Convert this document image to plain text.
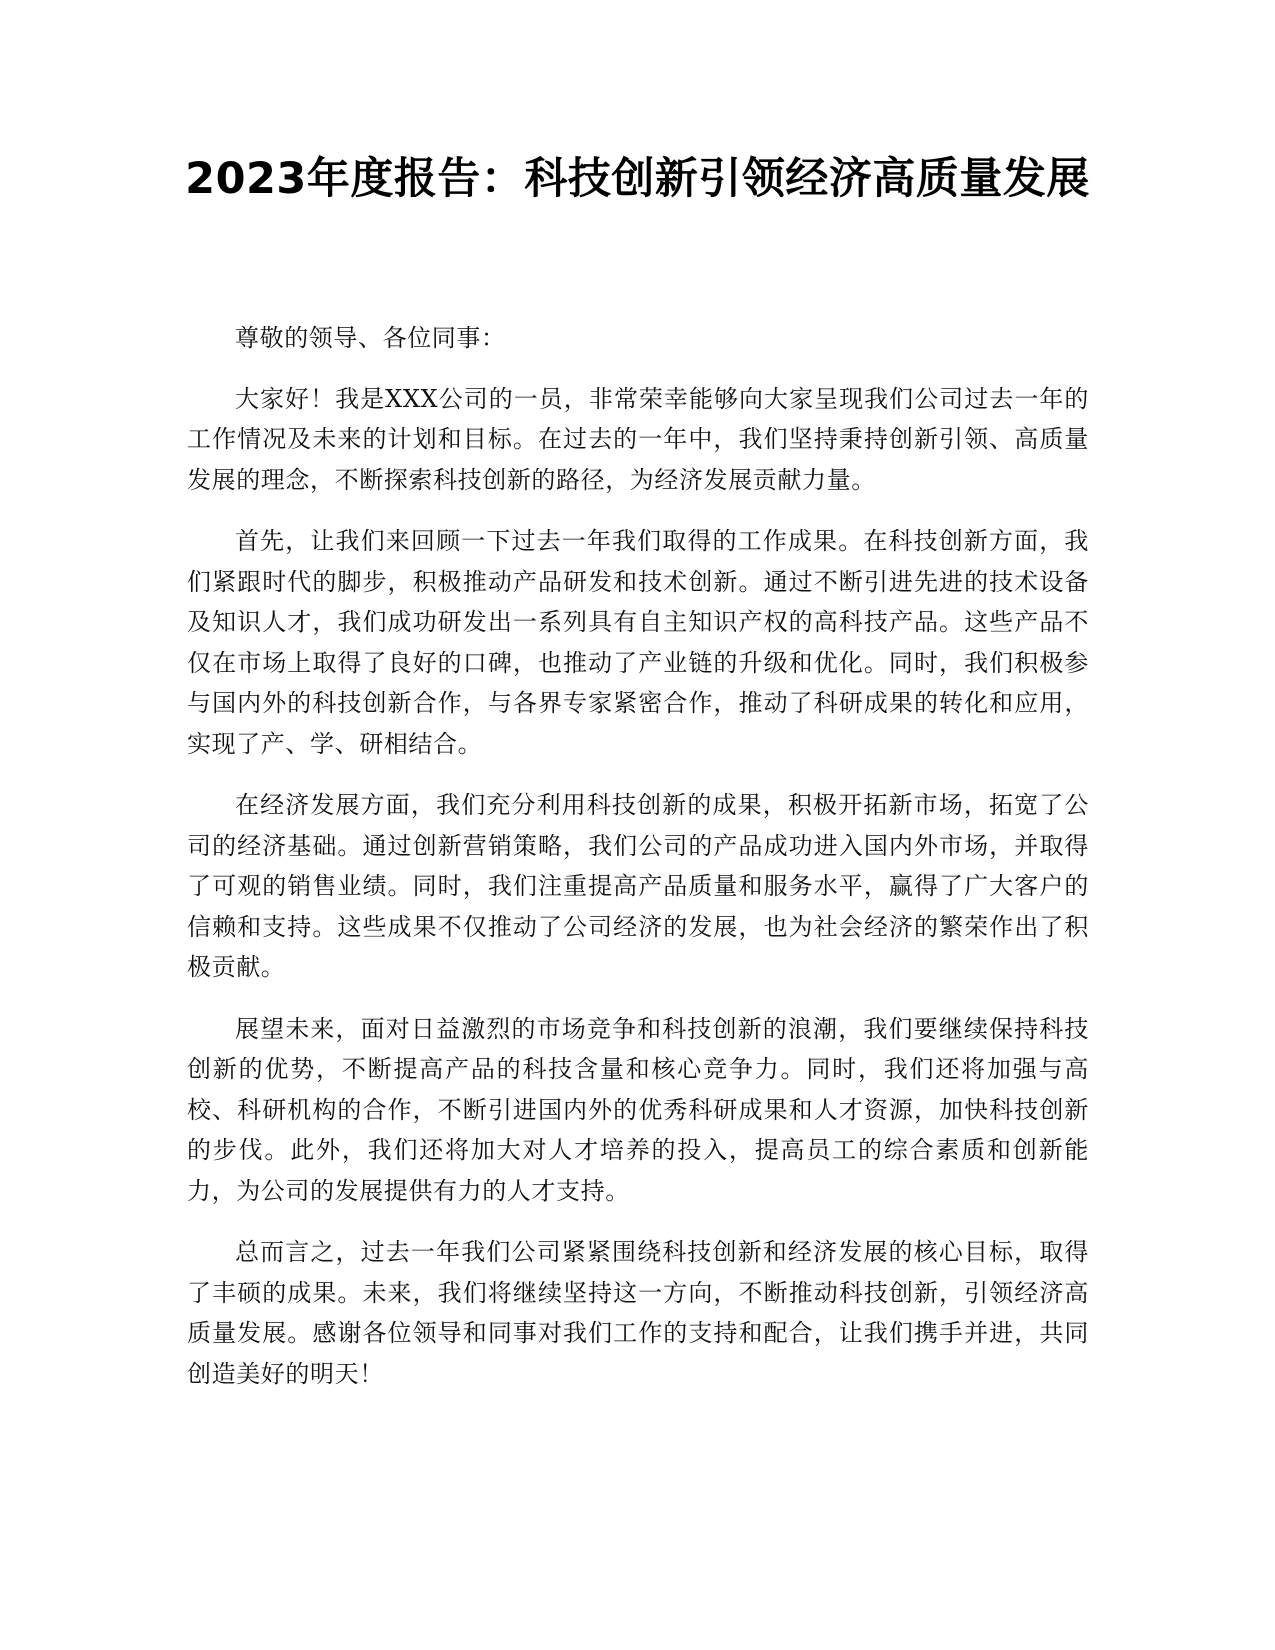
2023年度报告：科技创新引领经济高质量发展

尊敬的领导、各位同事：

大家好！我是XXX公司的一员，非常荣幸能够向大家呈现我们公司过去一年的工作情况及未来的计划和目标。在过去的一年中，我们坚持秉持创新引领、高质量发展的理念，不断探索科技创新的路径，为经济发展贡献力量。

首先，让我们来回顾一下过去一年我们取得的工作成果。在科技创新方面，我们紧跟时代的脚步，积极推动产品研发和技术创新。通过不断引进先进的技术设备及知识人才，我们成功研发出一系列具有自主知识产权的高科技产品。这些产品不仅在市场上取得了良好的口碑，也推动了产业链的升级和优化。同时，我们积极参与国内外的科技创新合作，与各界专家紧密合作，推动了科研成果的转化和应用，实现了产、学、研相结合。

在经济发展方面，我们充分利用科技创新的成果，积极开拓新市场，拓宽了公司的经济基础。通过创新营销策略，我们公司的产品成功进入国内外市场，并取得了可观的销售业绩。同时，我们注重提高产品质量和服务水平，赢得了广大客户的信赖和支持。这些成果不仅推动了公司经济的发展，也为社会经济的繁荣作出了积极贡献。

展望未来，面对日益激烈的市场竞争和科技创新的浪潮，我们要继续保持科技创新的优势，不断提高产品的科技含量和核心竞争力。同时，我们还将加强与高校、科研机构的合作，不断引进国内外的优秀科研成果和人才资源，加快科技创新的步伐。此外，我们还将加大对人才培养的投入，提高员工的综合素质和创新能力，为公司的发展提供有力的人才支持。

总而言之，过去一年我们公司紧紧围绕科技创新和经济发展的核心目标，取得了丰硕的成果。未来，我们将继续坚持这一方向，不断推动科技创新，引领经济高质量发展。感谢各位领导和同事对我们工作的支持和配合，让我们携手并进，共同创造美好的明天！
